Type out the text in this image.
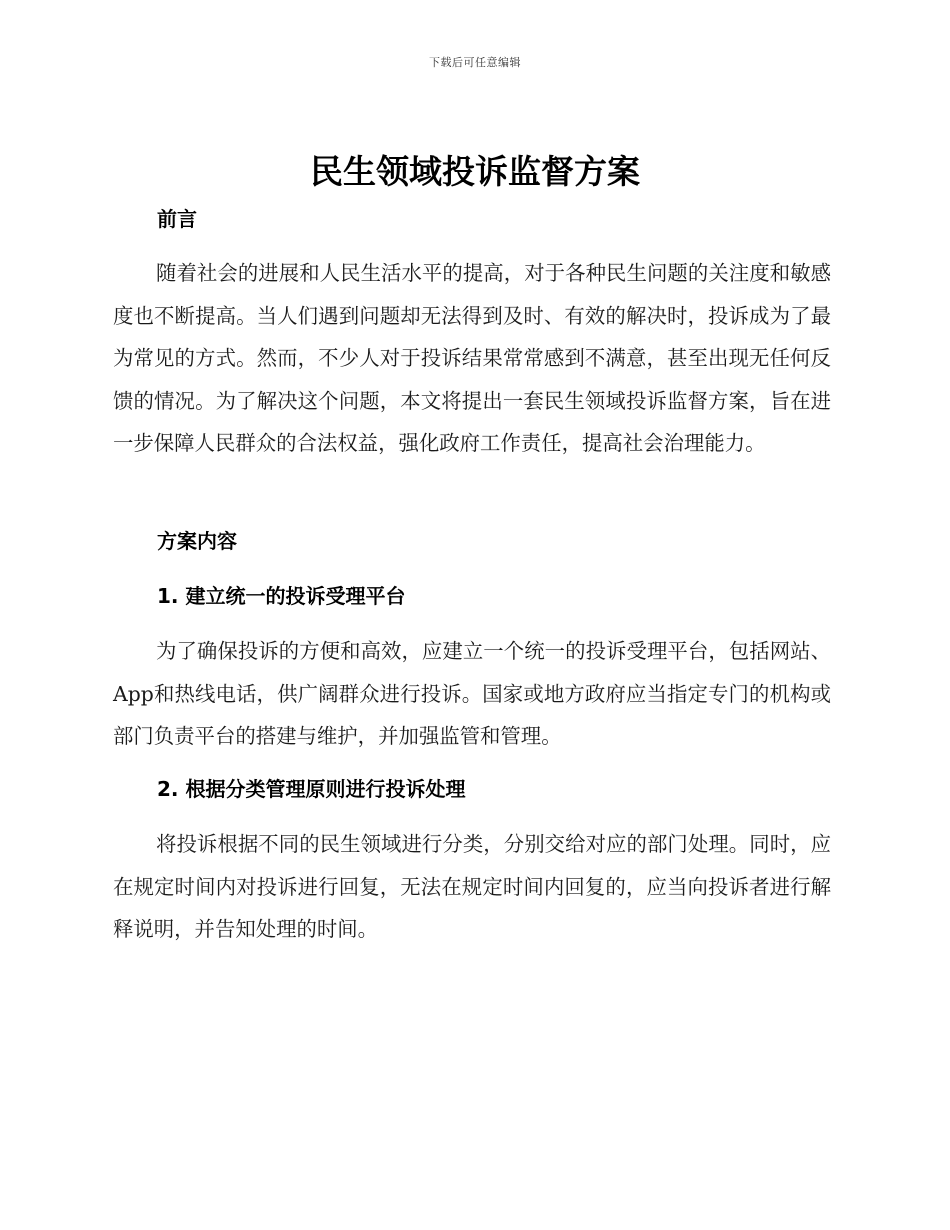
下载后可任意编辑
民生领域投诉监督方案
前言

随着社会的进展和人民生活水平的提高，对于各种民生问题的关注度和敏感度也不断提高。当人们遇到问题却无法得到及时、有效的解决时，投诉成为了最为常见的方式。然而，不少人对于投诉结果常常感到不满意，甚至出现无任何反馈的情况。为了解决这个问题，本文将提出一套民生领域投诉监督方案，旨在进一步保障人民群众的合法权益，强化政府工作责任，提高社会治理能力。

方案内容
1. 建立统一的投诉受理平台

为了确保投诉的方便和高效，应建立一个统一的投诉受理平台，包括网站、App和热线电话，供广阔群众进行投诉。国家或地方政府应当指定专门的机构或部门负责平台的搭建与维护，并加强监管和管理。

2. 根据分类管理原则进行投诉处理

将投诉根据不同的民生领域进行分类，分别交给对应的部门处理。同时，应在规定时间内对投诉进行回复，无法在规定时间内回复的，应当向投诉者进行解释说明，并告知处理的时间。
